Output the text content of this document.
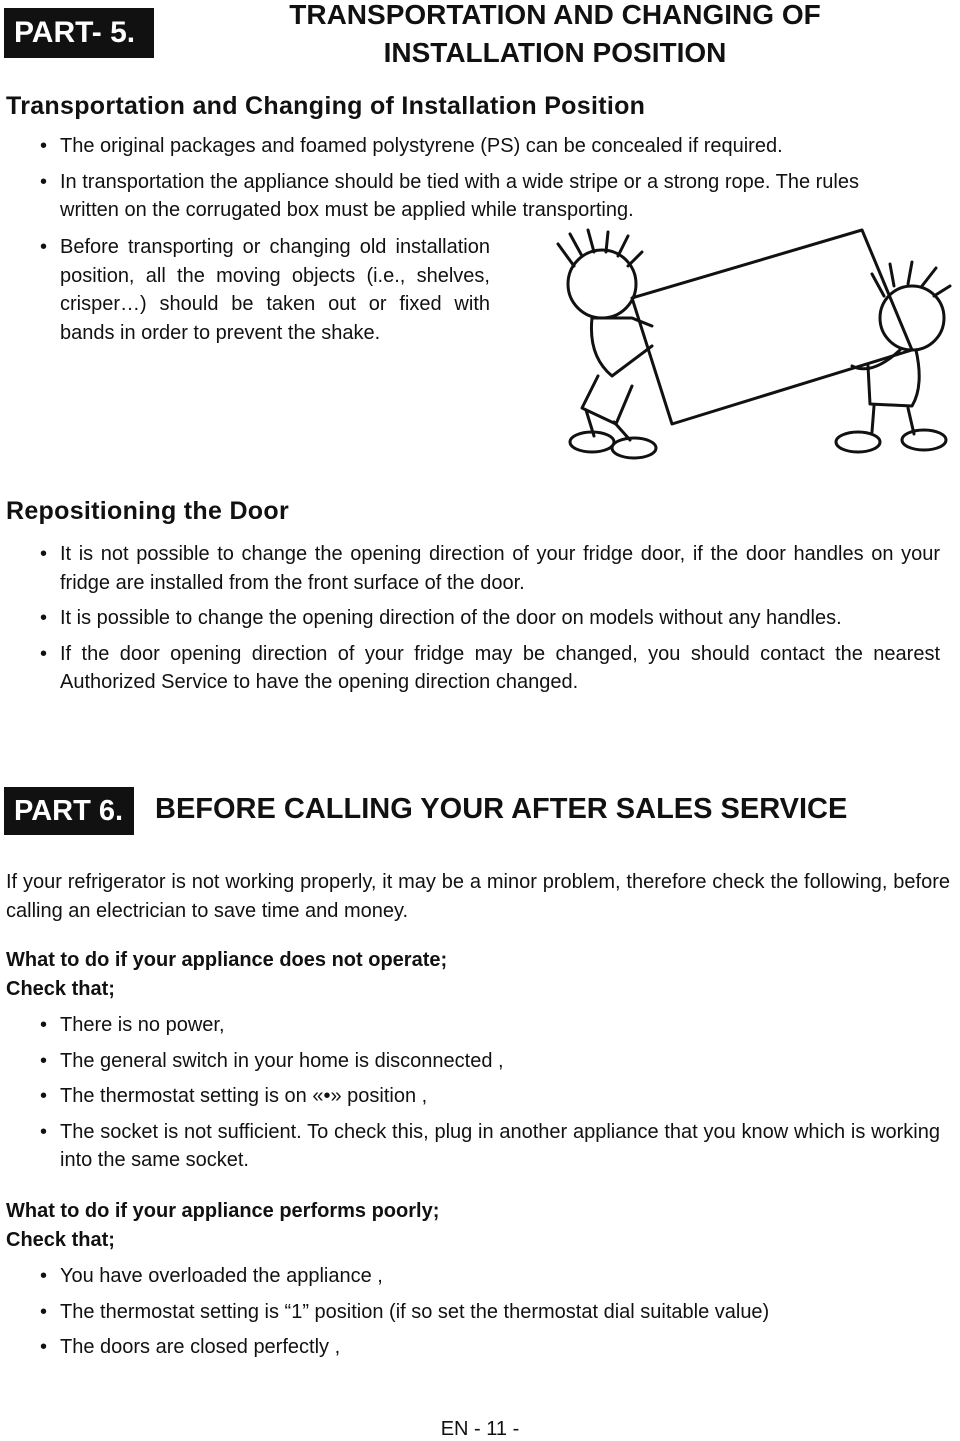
PART- 5.
TRANSPORTATION AND CHANGING OF
INSTALLATION POSITION
Transportation and Changing of Installation Position
• The original packages and foamed polystyrene (PS) can be concealed if required.
• In transportation the appliance should be tied with a wide stripe or a strong rope. The rules written on the corrugated box must be applied while transporting.
• Before transporting or changing old installation position, all the moving objects (i.e., shelves, crisper…) should be taken out or fixed with bands in order to prevent the shake.
Repositioning the Door
• It is not possible to change the opening direction of your fridge door, if the door handles on your fridge are installed from the front surface of the door.
• It is possible to change the opening direction of the door on models without any handles.
• If the door opening direction of your fridge may be changed, you should contact the nearest Authorized Service to have the opening direction changed.
PART 6.	BEFORE CALLING YOUR AFTER SALES SERVICE
If your refrigerator is not working properly, it may be a minor problem, therefore check the following, before calling an electrician to save time and money.
What to do if your appliance does not operate;
Check that;
• There is no power,
• The general switch in your home is disconnected ,
• The thermostat setting is on «•» position ,
• The socket is not sufficient. To check this, plug in another appliance that you know which is working into the same socket.
What to do if your appliance performs poorly;
Check that;
• You have overloaded the appliance ,
• The thermostat setting is “1” position (if so set the thermostat dial suitable value)
• The doors are closed perfectly ,
EN - 11 -
